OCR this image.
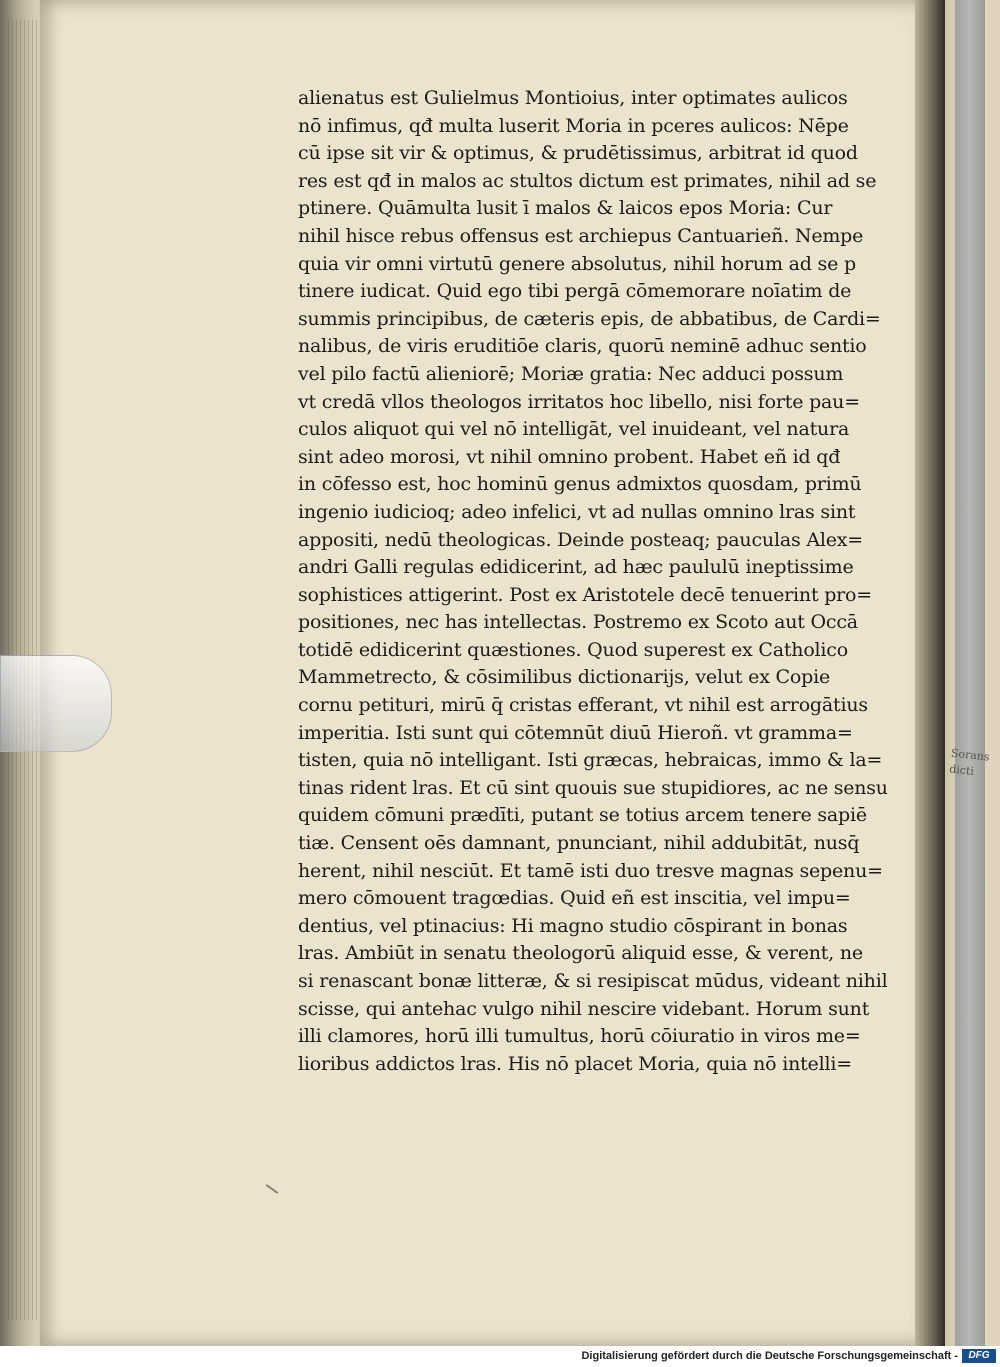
alienatus est Gulielmus Montioius, inter optimates aulicos
nō infimus, qđ multa luserit Moria in pceres aulicos: Nēpe
cū ipse sit vir & optimus, & prudētissimus, arbitrat id quod
res est qđ in malos ac stultos dictum est primates, nihil ad se
ptinere. Quāmulta lusit ī malos & laicos epos Moria: Cur
nihil hisce rebus offensus est archiepus Cantuarieñ. Nempe
quia vir omni virtutū genere absolutus, nihil horum ad se p
tinere iudicat. Quid ego tibi pergā cōmemorare noīatim de
summis principibus, de cæteris epis, de abbatibus, de Cardi=
nalibus, de viris eruditiōe claris, quorū neminē adhuc sentio
vel pilo factū alieniorē; Moriæ gratia: Nec adduci possum
vt credā vllos theologos irritatos hoc libello, nisi forte pau=
culos aliquot qui vel nō intelligāt, vel inuideant, vel natura
sint adeo morosi, vt nihil omnino probent. Habet eñ id qđ
in cōfesso est, hoc hominū genus admixtos quosdam, primū
ingenio iudicioq; adeo infelici, vt ad nullas omnino lras sint
appositi, nedū theologicas. Deinde posteaq; pauculas Alex=
andri Galli regulas edidicerint, ad hæc paululū ineptissime
sophistices attigerint. Post ex Aristotele decē tenuerint pro=
positiones, nec has intellectas. Postremo ex Scoto aut Occā
totidē edidicerint quæstiones. Quod superest ex Catholico
Mammetrecto, & cōsimilibus dictionarijs, velut ex Copie
cornu petituri, mirū q̄ cristas efferant, vt nihil est arrogātius
imperitia. Isti sunt qui cōtemnūt diuū Hieroñ. vt gramma=
tisten, quia nō intelligant. Isti græcas, hebraicas, immo & la=
tinas rident lras. Et cū sint quouis sue stupidiores, ac ne sensu
quidem cōmuni prædīti, putant se totius arcem tenere sapiē
tiæ. Censent oēs damnant, pnunciant, nihil addubitāt, nusq̄
herent, nihil nesciūt. Et tamē isti duo tresve magnas sepenu=
mero cōmouent tragœdias. Quid eñ est inscitia, vel impu=
dentius, vel ptinacius: Hi magno studio cōspirant in bonas
lras. Ambiūt in senatu theologorū aliquid esse, & verent, ne
si renascant bonæ litteræ, & si resipiscat mūdus, videant nihil
scisse, qui antehac vulgo nihil nescire videbant. Horum sunt
illi clamores, horū illi tumultus, horū cōiuratio in viros me=
lioribus addictos lras. His nō placet Moria, quia nō intelli=
Sorans dicti
Digitalisierung gefördert durch die Deutsche Forschungsgemeinschaft -	DFG
